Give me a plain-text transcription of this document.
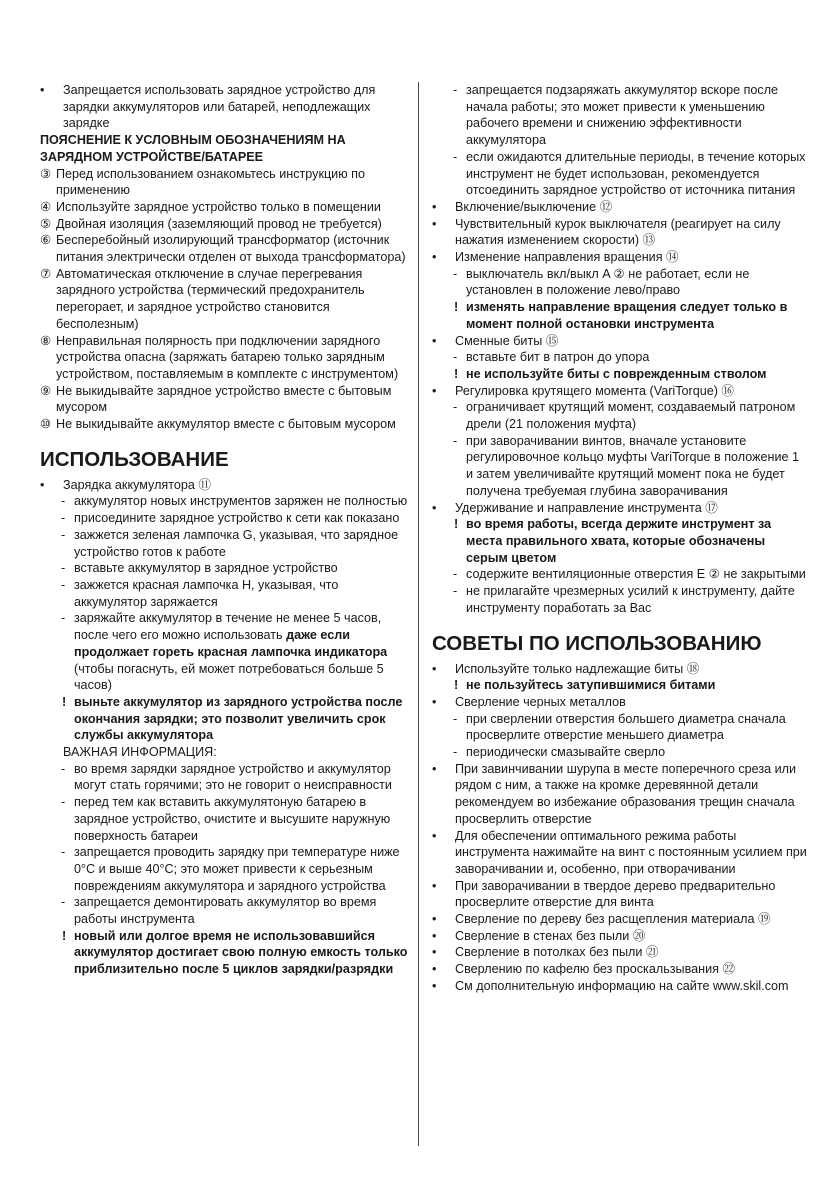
• Запрещается использовать зарядное устройство для зарядки аккумуляторов или батарей, неподлежащих зарядке
ПОЯСНЕНИЕ К УСЛОВНЫМ ОБОЗНАЧЕНИЯМ НА ЗАРЯДНОМ УСТРОЙСТВЕ/БАТАРЕЕ
③ Перед использованием ознакомьтесь инструкцию по применению
④ Используйте зарядное устройство только в помещении
⑤ Двойная изоляция (заземляющий провод не требуется)
⑥ Бесперебойный изолирующий трансформатор (источник питания электрически отделен от выхода трансформатора)
⑦ Автоматическая отключение в случае перегревания зарядного устройства (термический предохранитель перегорает, и зарядное устройство становится бесполезным)
⑧ Неправильная полярность при подключении зарядного устройства опасна (заряжать батарею только зарядным устройством, поставляемым в комплекте с инструментом)
⑨ Не выкидывайте зарядное устройство вместе с бытовым мусором
⑩ Не выкидывайте аккумулятор вместе с бытовым мусором
ИСПОЛЬЗОВАНИЕ
• Зарядка аккумулятора ⑪
- аккумулятор новых инструментов заряжен не полностью
- присоедините зарядное устройство к сети как показано
- зажжется зеленая лампочка G, указывая, что зарядное устройство готов к работе
- вставьте аккумулятор в зарядное устройство
- зажжется красная лампочка H, указывая, что аккумулятор заряжается
- заряжайте аккумулятор в течение не менее 5 часов, после чего его можно использовать даже если продолжает гореть красная лампочка индикатора (чтобы погаснуть, ей может потребоваться больше 5 часов)
! выньте аккумулятор из зарядного устройства после окончания зарядки; это позволит увеличить срок службы аккумулятора
ВАЖНАЯ ИНФОРМАЦИЯ:
- во время зарядки зарядное устройство и аккумулятор могут стать горячими; это не говорит о неисправности
- перед тем как вставить аккумулятоную батарею в зарядное устройство, очистите и высушите наружную поверхность батареи
- запрещается проводить зарядку при температуре ниже 0°C и выше 40°C; это может привести к серьезным повреждениям аккумулятора и зарядного устройства
- запрещается демонтировать аккумулятор во время работы инструмента
! новый или долгое время не использовавшийся аккумулятор достигает свою полную емкость только приблизительно после 5 циклов зарядки/разрядки
- запрещается подзаряжать аккумулятор вскоре после начала работы; это может привести к уменьшению рабочего времени и снижению эффективности аккумулятора
- если ожидаются длительные периоды, в течение которых инструмент не будет использован, рекомендуется отсоединить зарядное устройство от источника питания
• Включение/выключение ⑫
• Чувствительный курок выключателя (реагирует на силу нажатия изменением скорости) ⑬
• Изменение направления вращения ⑭
- выключатель вкл/выкл A ② не работает, если не установлен в положение лево/право
! изменять направление вращения следует только в момент полной остановки инструмента
• Сменные биты ⑮
- вставьте бит в патрон до упора
! не используйте биты с поврежденным стволом
• Регулировка крутящего момента (VariTorque) ⑯
- ограничивает крутящий момент, создаваемый патроном дрели (21 положения муфта)
- при заворачивании винтов, вначале установите регулировочное кольцо муфты VariTorque в положение 1 и затем увеличивайте крутящий момент пока не будет получена требуемая глубина заворачивания
• Удерживание и направление инструмента ⑰
! во время работы, всегда держите инструмент за места правильного хвата, которые обозначены серым цветом
- содержите вентиляционные отверстия E ② не закрытыми
- не прилагайте чрезмерных усилий к инструменту, дайте инструменту поработать за Вас
СОВЕТЫ ПО ИСПОЛЬЗОВАНИЮ
• Используйте только надлежащие биты ⑱
! не пользуйтесь затупившимися битами
• Сверление черных металлов
- при сверлении отверстия большего диаметра сначала просверлите отверстие меньшего диаметра
- периодически смазывайте сверло
• При завинчивании шурупа в месте поперечного среза или рядом с ним, а также на кромке деревянной детали рекомендуем во избежание образования трещин сначала просверлить отверстие
• Для обеспечении оптимального режима работы инструмента нажимайте на винт с постоянным усилием при заворачивании и, особенно, при отворачивании
• При заворачивании в твердое дерево предварительно просверлите отверстие для винта
• Сверление по дереву без расщепления материала ⑲
• Сверление в стенах без пыли ⑳
• Сверление в потолках без пыли ㉑
• Сверлению по кафелю без проскальзывания ㉒
• См дополнительную информацию на сайте www.skil.com
